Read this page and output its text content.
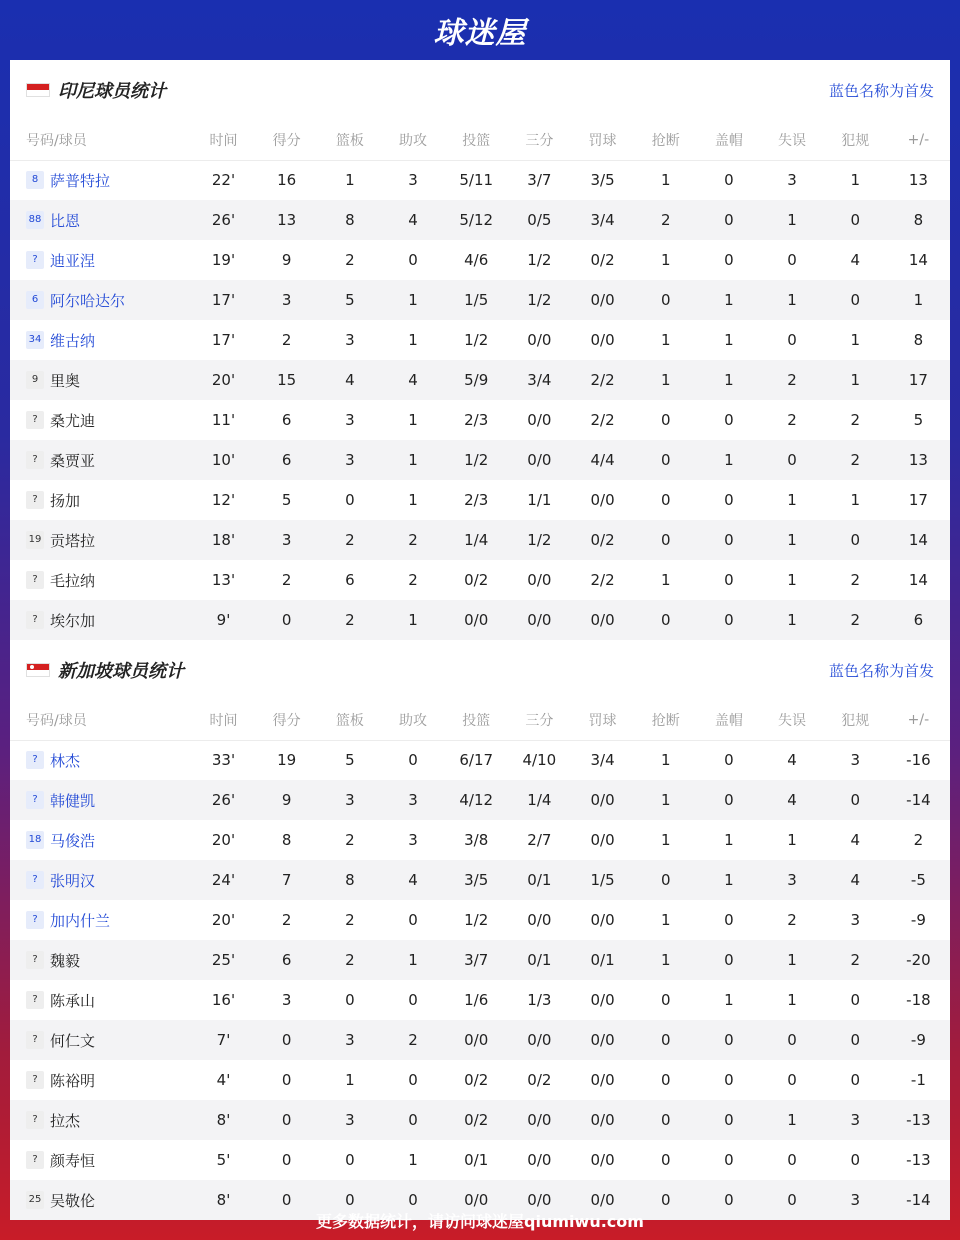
球迷屋
印尼球员统计	蓝色名称为首发
号码/球员	时间	得分	篮板	助攻	投篮	三分	罚球	抢断	盖帽	失误	犯规	+/-
8 萨普特拉	22'	16	1	3	5/11	3/7	3/5	1	0	3	1	13
88 比恩	26'	13	8	4	5/12	0/5	3/4	2	0	1	0	8
? 迪亚涅	19'	9	2	0	4/6	1/2	0/2	1	0	0	4	14
6 阿尔哈达尔	17'	3	5	1	1/5	1/2	0/0	0	1	1	0	1
34 维古纳	17'	2	3	1	1/2	0/0	0/0	1	1	0	1	8
9 里奥	20'	15	4	4	5/9	3/4	2/2	1	1	2	1	17
? 桑尤迪	11'	6	3	1	2/3	0/0	2/2	0	0	2	2	5
? 桑贾亚	10'	6	3	1	1/2	0/0	4/4	0	1	0	2	13
? 扬加	12'	5	0	1	2/3	1/1	0/0	0	0	1	1	17
19 贡塔拉	18'	3	2	2	1/4	1/2	0/2	0	0	1	0	14
? 毛拉纳	13'	2	6	2	0/2	0/0	2/2	1	0	1	2	14
? 埃尔加	9'	0	2	1	0/0	0/0	0/0	0	0	1	2	6
新加坡球员统计	蓝色名称为首发
号码/球员	时间	得分	篮板	助攻	投篮	三分	罚球	抢断	盖帽	失误	犯规	+/-
? 林杰	33'	19	5	0	6/17	4/10	3/4	1	0	4	3	-16
? 韩健凯	26'	9	3	3	4/12	1/4	0/0	1	0	4	0	-14
18 马俊浩	20'	8	2	3	3/8	2/7	0/0	1	1	1	4	2
? 张明汉	24'	7	8	4	3/5	0/1	1/5	0	1	3	4	-5
? 加内什兰	20'	2	2	0	1/2	0/0	0/0	1	0	2	3	-9
? 魏毅	25'	6	2	1	3/7	0/1	0/1	1	0	1	2	-20
? 陈承山	16'	3	0	0	1/6	1/3	0/0	0	1	1	0	-18
? 何仁文	7'	0	3	2	0/0	0/0	0/0	0	0	0	0	-9
? 陈裕明	4'	0	1	0	0/2	0/2	0/0	0	0	0	0	-1
? 拉杰	8'	0	3	0	0/2	0/0	0/0	0	0	1	3	-13
? 颜寿恒	5'	0	0	1	0/1	0/0	0/0	0	0	0	0	-13
25 吴敬伦	8'	0	0	0	0/0	0/0	0/0	0	0	0	3	-14
更多数据统计，请访问球迷屋qiumiwu.com
